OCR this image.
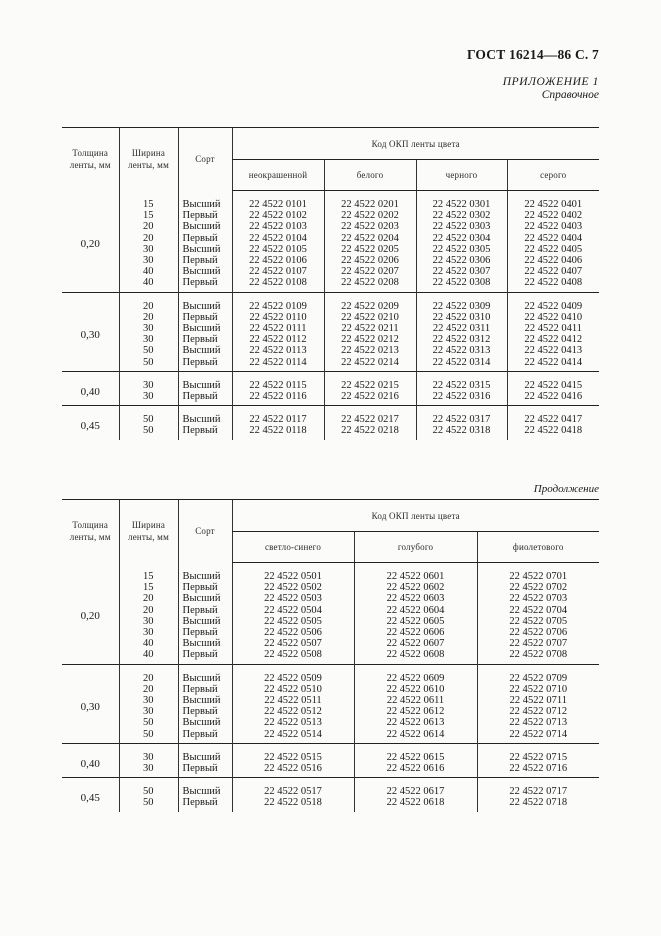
ГОСТ 16214—86 С. 7
ПРИЛОЖЕНИЕ 1
Справочное
Толщина ленты, мм	Ширина ленты, мм	Сорт	Код ОКП ленты цвета			
			неокрашенной	белого	черного	серого
0,20	15	Высший	22 4522 0101	22 4522 0201	22 4522 0301	22 4522 0401
	15	Первый	22 4522 0102	22 4522 0202	22 4522 0302	22 4522 0402
	20	Высший	22 4522 0103	22 4522 0203	22 4522 0303	22 4522 0403
	20	Первый	22 4522 0104	22 4522 0204	22 4522 0304	22 4522 0404
	30	Высший	22 4522 0105	22 4522 0205	22 4522 0305	22 4522 0405
	30	Первый	22 4522 0106	22 4522 0206	22 4522 0306	22 4522 0406
	40	Высший	22 4522 0107	22 4522 0207	22 4522 0307	22 4522 0407
	40	Первый	22 4522 0108	22 4522 0208	22 4522 0308	22 4522 0408
0,30	20	Высший	22 4522 0109	22 4522 0209	22 4522 0309	22 4522 0409
	20	Первый	22 4522 0110	22 4522 0210	22 4522 0310	22 4522 0410
	30	Высший	22 4522 0111	22 4522 0211	22 4522 0311	22 4522 0411
	30	Первый	22 4522 0112	22 4522 0212	22 4522 0312	22 4522 0412
	50	Высший	22 4522 0113	22 4522 0213	22 4522 0313	22 4522 0413
	50	Первый	22 4522 0114	22 4522 0214	22 4522 0314	22 4522 0414
0,40	30	Высший	22 4522 0115	22 4522 0215	22 4522 0315	22 4522 0415
	30	Первый	22 4522 0116	22 4522 0216	22 4522 0316	22 4522 0416
0,45	50	Высший	22 4522 0117	22 4522 0217	22 4522 0317	22 4522 0417
	50	Первый	22 4522 0118	22 4522 0218	22 4522 0318	22 4522 0418
Продолжение
Толщина ленты, мм	Ширина ленты, мм	Сорт	Код ОКП ленты цвета		
			светло-синего	голубого	фиолетового
0,20	15	Высший	22 4522 0501	22 4522 0601	22 4522 0701
	15	Первый	22 4522 0502	22 4522 0602	22 4522 0702
	20	Высший	22 4522 0503	22 4522 0603	22 4522 0703
	20	Первый	22 4522 0504	22 4522 0604	22 4522 0704
	30	Высший	22 4522 0505	22 4522 0605	22 4522 0705
	30	Первый	22 4522 0506	22 4522 0606	22 4522 0706
	40	Высший	22 4522 0507	22 4522 0607	22 4522 0707
	40	Первый	22 4522 0508	22 4522 0608	22 4522 0708
0,30	20	Высший	22 4522 0509	22 4522 0609	22 4522 0709
	20	Первый	22 4522 0510	22 4522 0610	22 4522 0710
	30	Высший	22 4522 0511	22 4522 0611	22 4522 0711
	30	Первый	22 4522 0512	22 4522 0612	22 4522 0712
	50	Высший	22 4522 0513	22 4522 0613	22 4522 0713
	50	Первый	22 4522 0514	22 4522 0614	22 4522 0714
0,40	30	Высший	22 4522 0515	22 4522 0615	22 4522 0715
	30	Первый	22 4522 0516	22 4522 0616	22 4522 0716
0,45	50	Высший	22 4522 0517	22 4522 0617	22 4522 0717
	50	Первый	22 4522 0518	22 4522 0618	22 4522 0718
